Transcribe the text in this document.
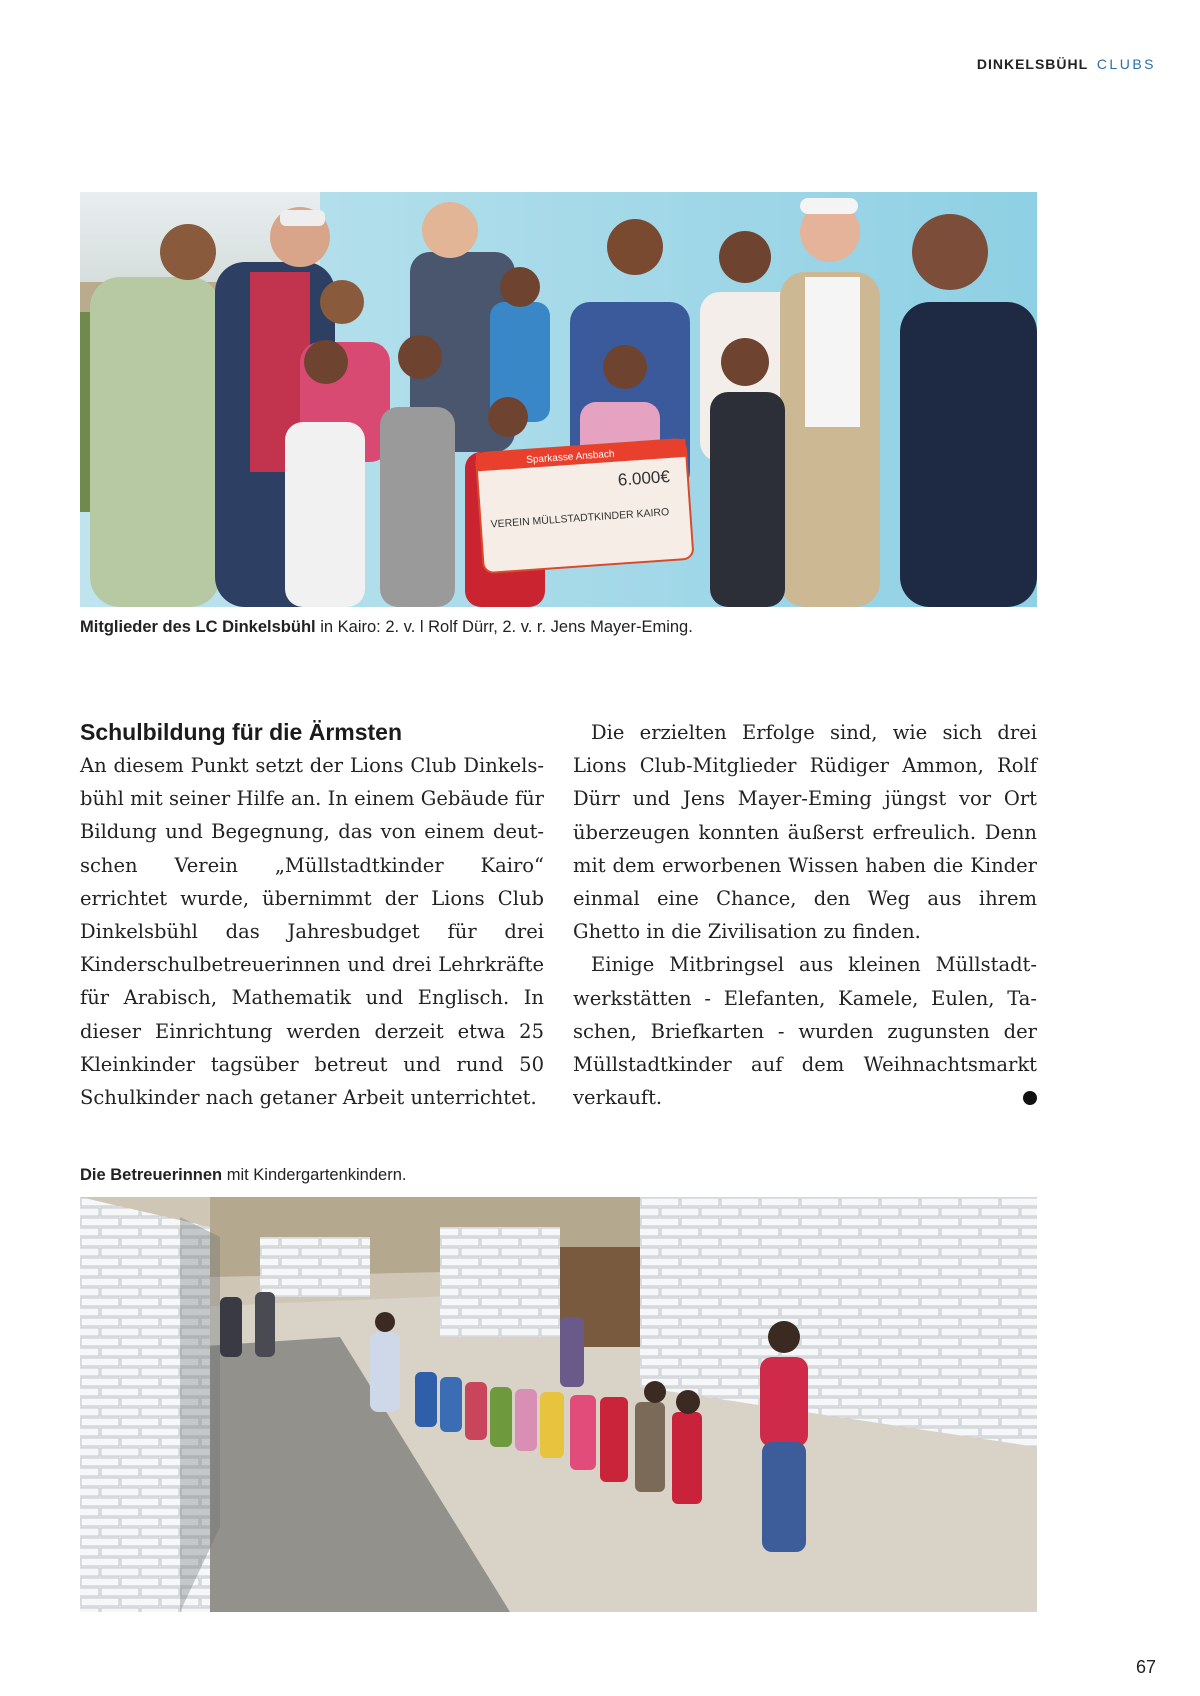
DINKELSBÜHL CLUBS
Sparkasse Ansbach
6.000€
VEREIN MÜLLSTADTKINDER KAIRO
Mitglieder des LC Dinkelsbühl in Kairo: 2. v. l Rolf Dürr, 2. v. r. Jens Mayer-Eming.
Schulbildung für die Ärmsten

An diesem Punkt setzt der Lions Club Dinkelsbühl mit seiner Hilfe an. In einem Gebäude für Bildung und Begegnung, das von einem deutschen Verein „Müllstadtkinder Kairo“ errichtet wurde, übernimmt der Lions Club Dinkelsbühl das Jahresbudget für drei Kinderschulbetreuerinnen und drei Lehrkräfte für Arabisch, Mathematik und Englisch. In dieser Einrichtung werden derzeit etwa 25 Kleinkinder tagsüber betreut und rund 50 Schulkinder nach getaner Arbeit unterrichtet.

Die erzielten Erfolge sind, wie sich drei Lions Club-Mitglieder Rüdiger Ammon, Rolf Dürr und Jens Mayer-Eming jüngst vor Ort überzeugen konnten äußerst erfreulich. Denn mit dem erworbenen Wissen haben die Kinder einmal eine Chance, den Weg aus ihrem Ghetto in die Zivilisation zu finden.

Einige Mitbringsel aus kleinen Müllstadtwerkstätten - Elefanten, Kamele, Eulen, Taschen, Briefkarten - wurden zugunsten der Müllstadtkinder auf dem Weihnachtsmarkt verkauft.	L

Die Betreuerinnen mit Kindergartenkindern.
67
